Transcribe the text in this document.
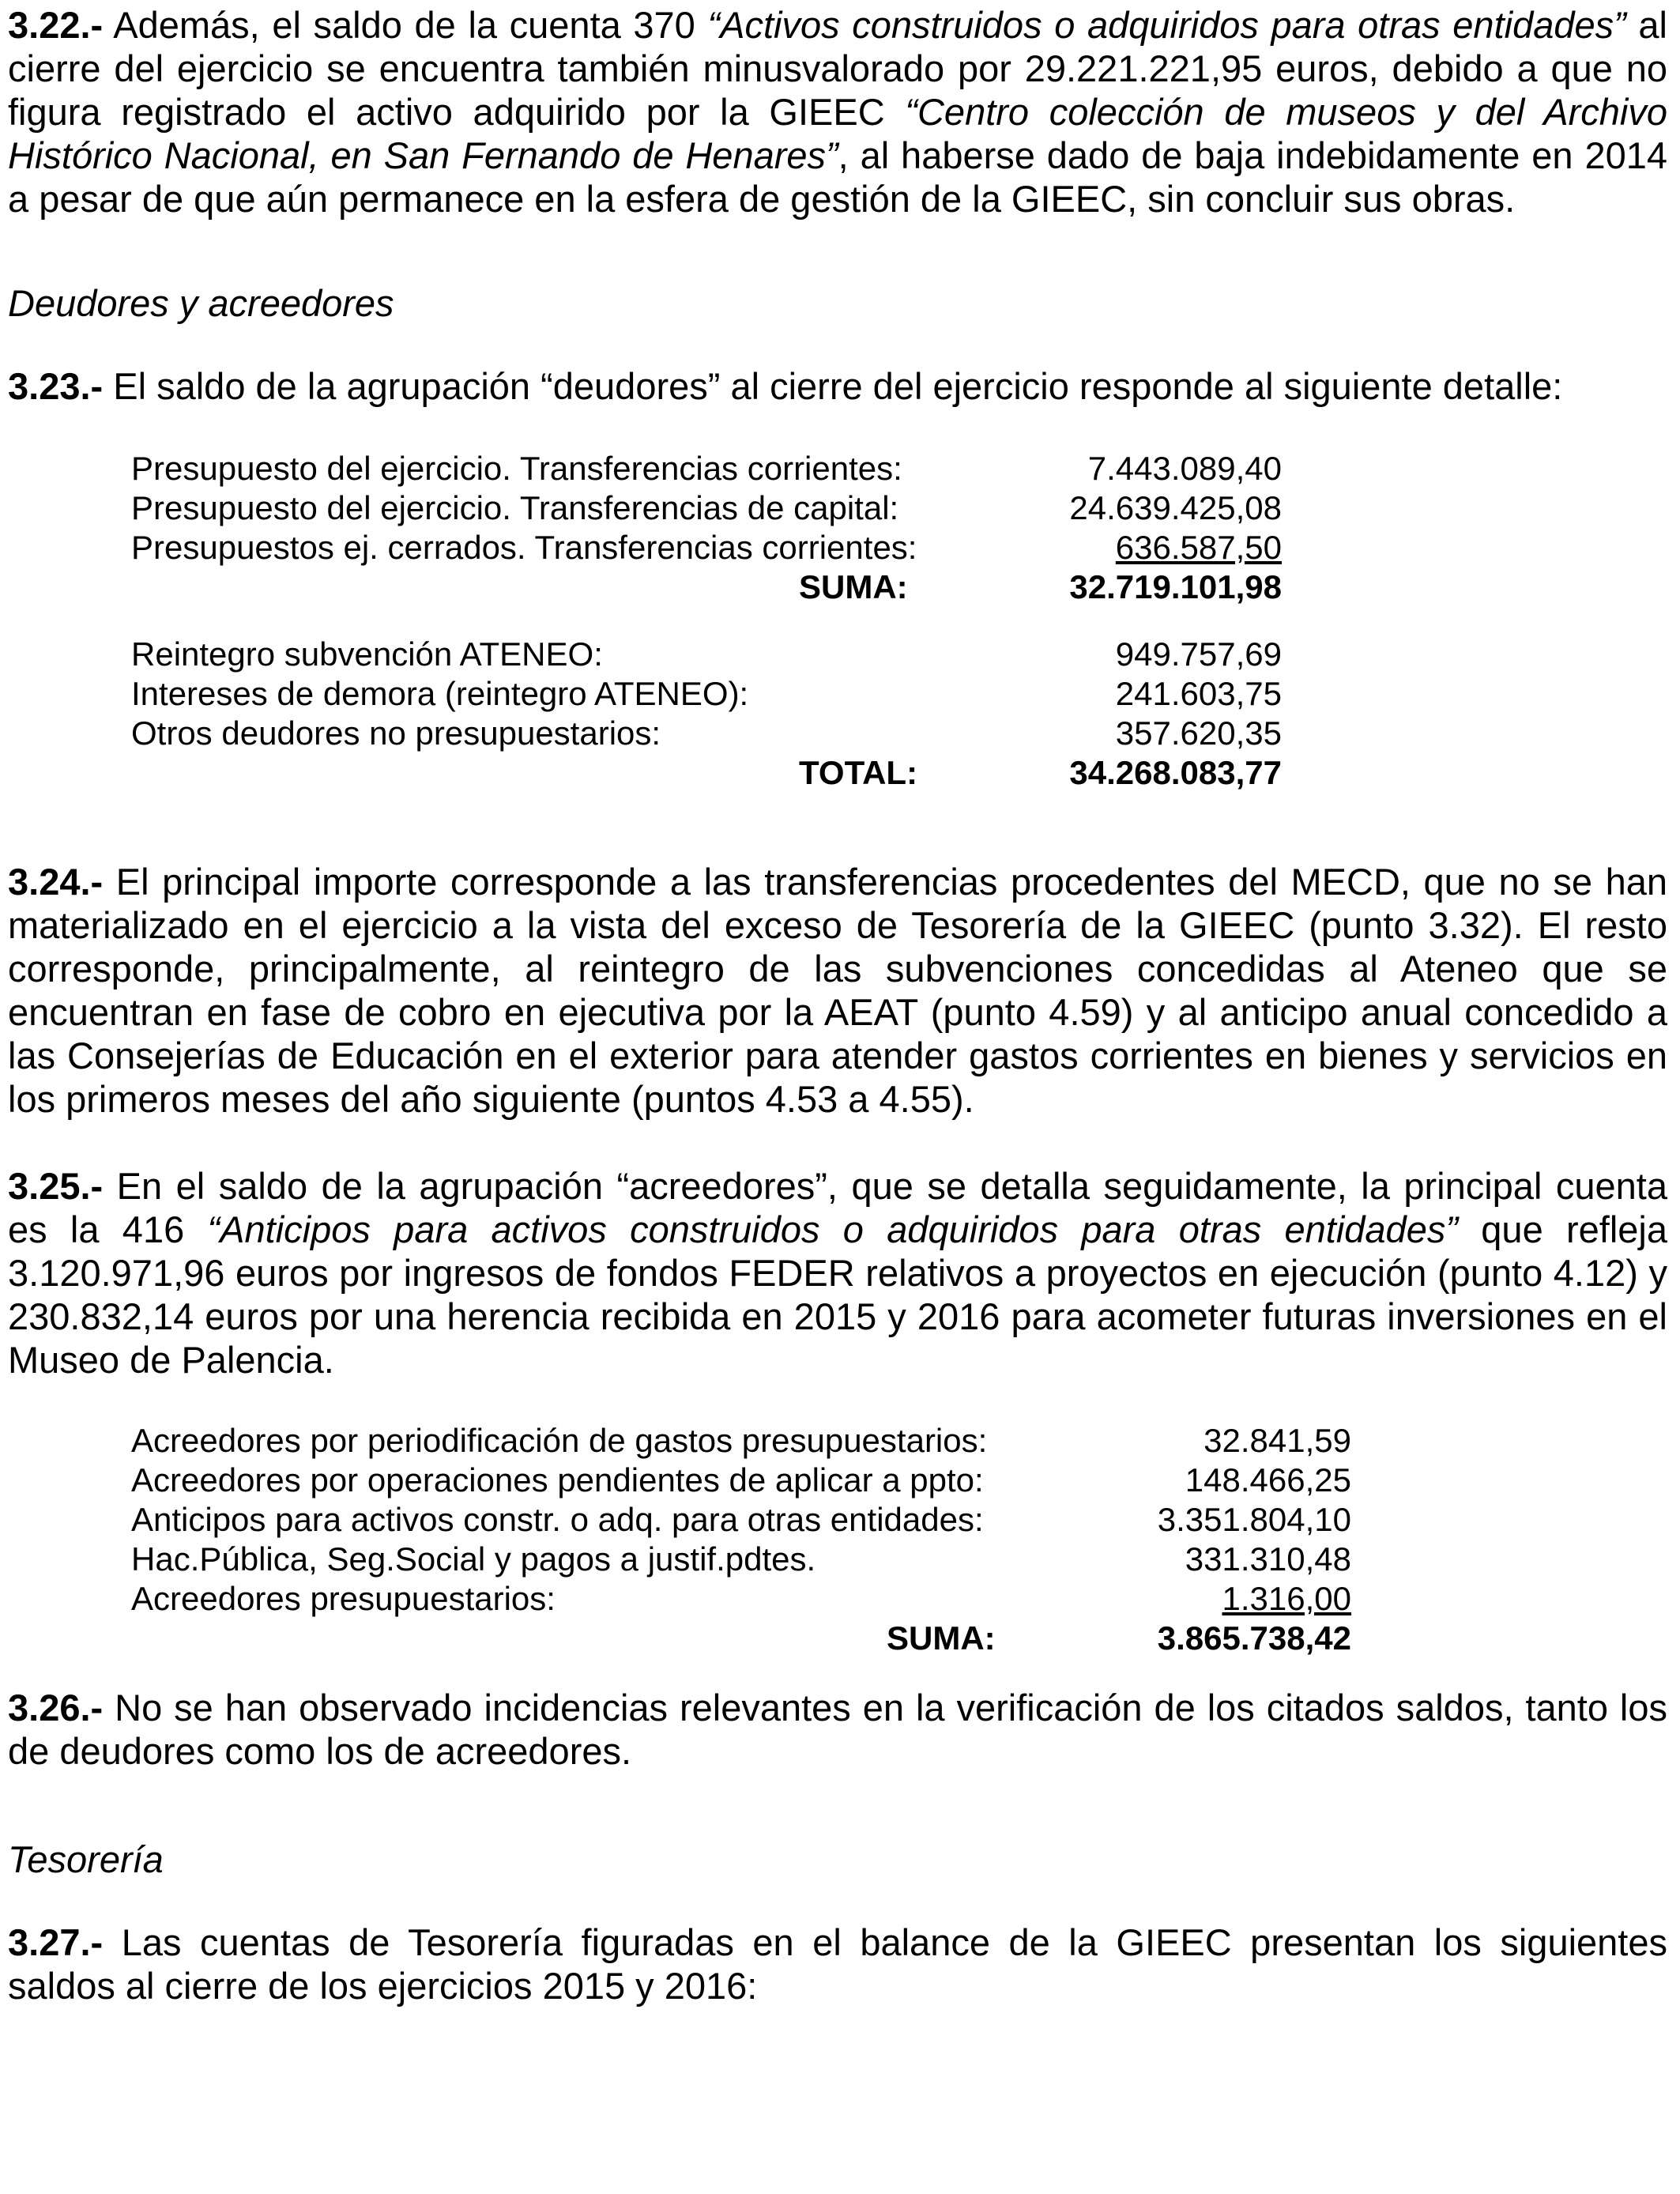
3.22.- Además, el saldo de la cuenta 370 “Activos construidos o adquiridos para otras entidades” al cierre del ejercicio se encuentra también minusvalorado por 29.221.221,95 euros, debido a que no figura registrado el activo adquirido por la GIEEC “Centro colección de museos y del Archivo Histórico Nacional, en San Fernando de Henares”, al haberse dado de baja indebidamente en 2014 a pesar de que aún permanece en la esfera de gestión de la GIEEC, sin concluir sus obras.

Deudores y acreedores

3.23.- El saldo de la agrupación “deudores” al cierre del ejercicio responde al siguiente detalle:

Presupuesto del ejercicio. Transferencias corrientes:	7.443.089,40
Presupuesto del ejercicio. Transferencias de capital:	24.639.425,08
Presupuestos ej. cerrados. Transferencias corrientes:	636.587,50
SUMA:	32.719.101,98

Reintegro subvención ATENEO:	949.757,69
Intereses de demora (reintegro ATENEO):	241.603,75
Otros deudores no presupuestarios:	357.620,35
TOTAL:	34.268.083,77

3.24.- El principal importe corresponde a las transferencias procedentes del MECD, que no se han materializado en el ejercicio a la vista del exceso de Tesorería de la GIEEC (punto 3.32). El resto corresponde, principalmente, al reintegro de las subvenciones concedidas al Ateneo que se encuentran en fase de cobro en ejecutiva por la AEAT (punto 4.59) y al anticipo anual concedido a las Consejerías de Educación en el exterior para atender gastos corrientes en bienes y servicios en los primeros meses del año siguiente (puntos 4.53 a 4.55).

3.25.- En el saldo de la agrupación “acreedores”, que se detalla seguidamente, la principal cuenta es la 416 “Anticipos para activos construidos o adquiridos para otras entidades” que refleja 3.120.971,96 euros por ingresos de fondos FEDER relativos a proyectos en ejecución (punto 4.12) y 230.832,14 euros por una herencia recibida en 2015 y 2016 para acometer futuras inversiones en el Museo de Palencia.

Acreedores por periodificación de gastos presupuestarios:	32.841,59
Acreedores por operaciones pendientes de aplicar a ppto:	148.466,25
Anticipos para activos constr. o adq. para otras entidades:	3.351.804,10
Hac.Pública, Seg.Social y pagos a justif.pdtes.	331.310,48
Acreedores presupuestarios:	1.316,00
SUMA:	3.865.738,42

3.26.- No se han observado incidencias relevantes en la verificación de los citados saldos, tanto los de deudores como los de acreedores.

Tesorería

3.27.- Las cuentas de Tesorería figuradas en el balance de la GIEEC presentan los siguientes saldos al cierre de los ejercicios 2015 y 2016:
